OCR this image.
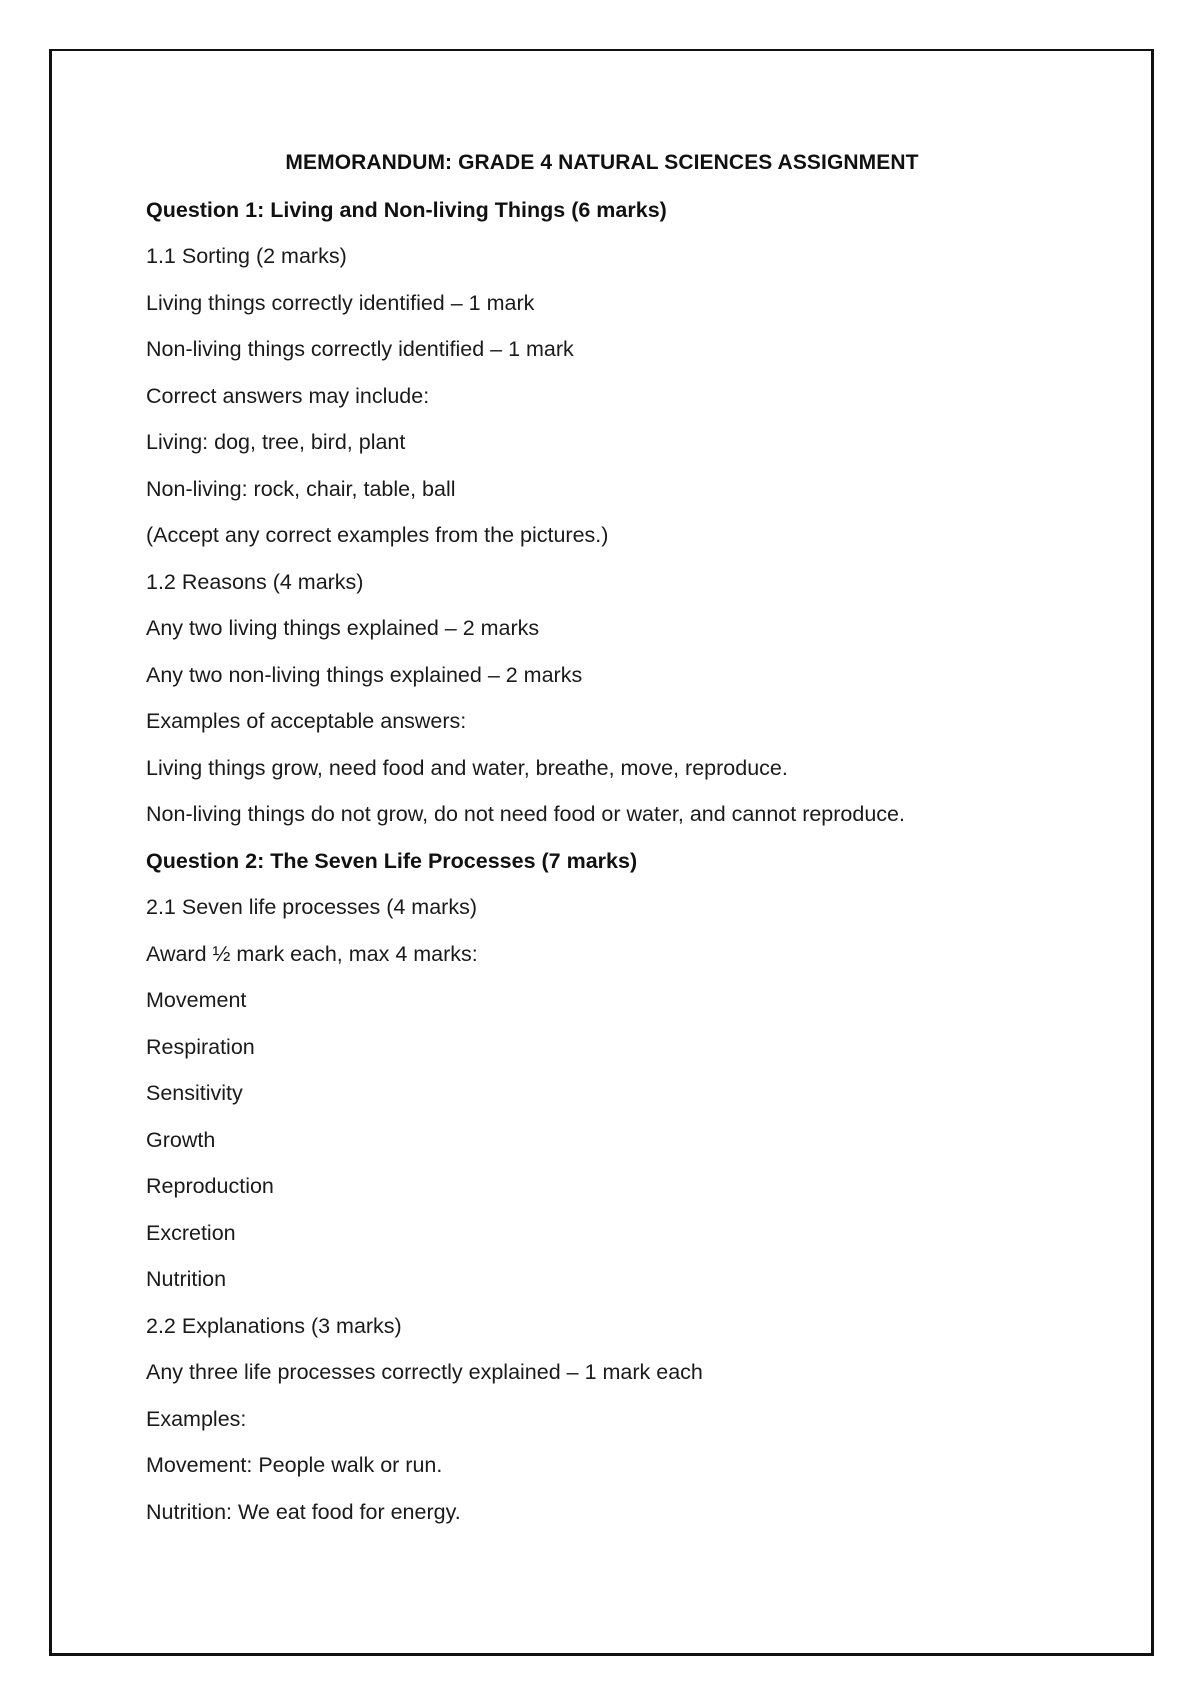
MEMORANDUM: GRADE 4 NATURAL SCIENCES ASSIGNMENT

Question 1: Living and Non-living Things (6 marks)

1.1 Sorting (2 marks)

Living things correctly identified – 1 mark

Non-living things correctly identified – 1 mark

Correct answers may include:

Living: dog, tree, bird, plant

Non-living: rock, chair, table, ball

(Accept any correct examples from the pictures.)

1.2 Reasons (4 marks)

Any two living things explained – 2 marks

Any two non-living things explained – 2 marks

Examples of acceptable answers:

Living things grow, need food and water, breathe, move, reproduce.

Non-living things do not grow, do not need food or water, and cannot reproduce.

Question 2: The Seven Life Processes (7 marks)

2.1 Seven life processes (4 marks)

Award ½ mark each, max 4 marks:

Movement

Respiration

Sensitivity

Growth

Reproduction

Excretion

Nutrition

2.2 Explanations (3 marks)

Any three life processes correctly explained – 1 mark each

Examples:

Movement: People walk or run.

Nutrition: We eat food for energy.
